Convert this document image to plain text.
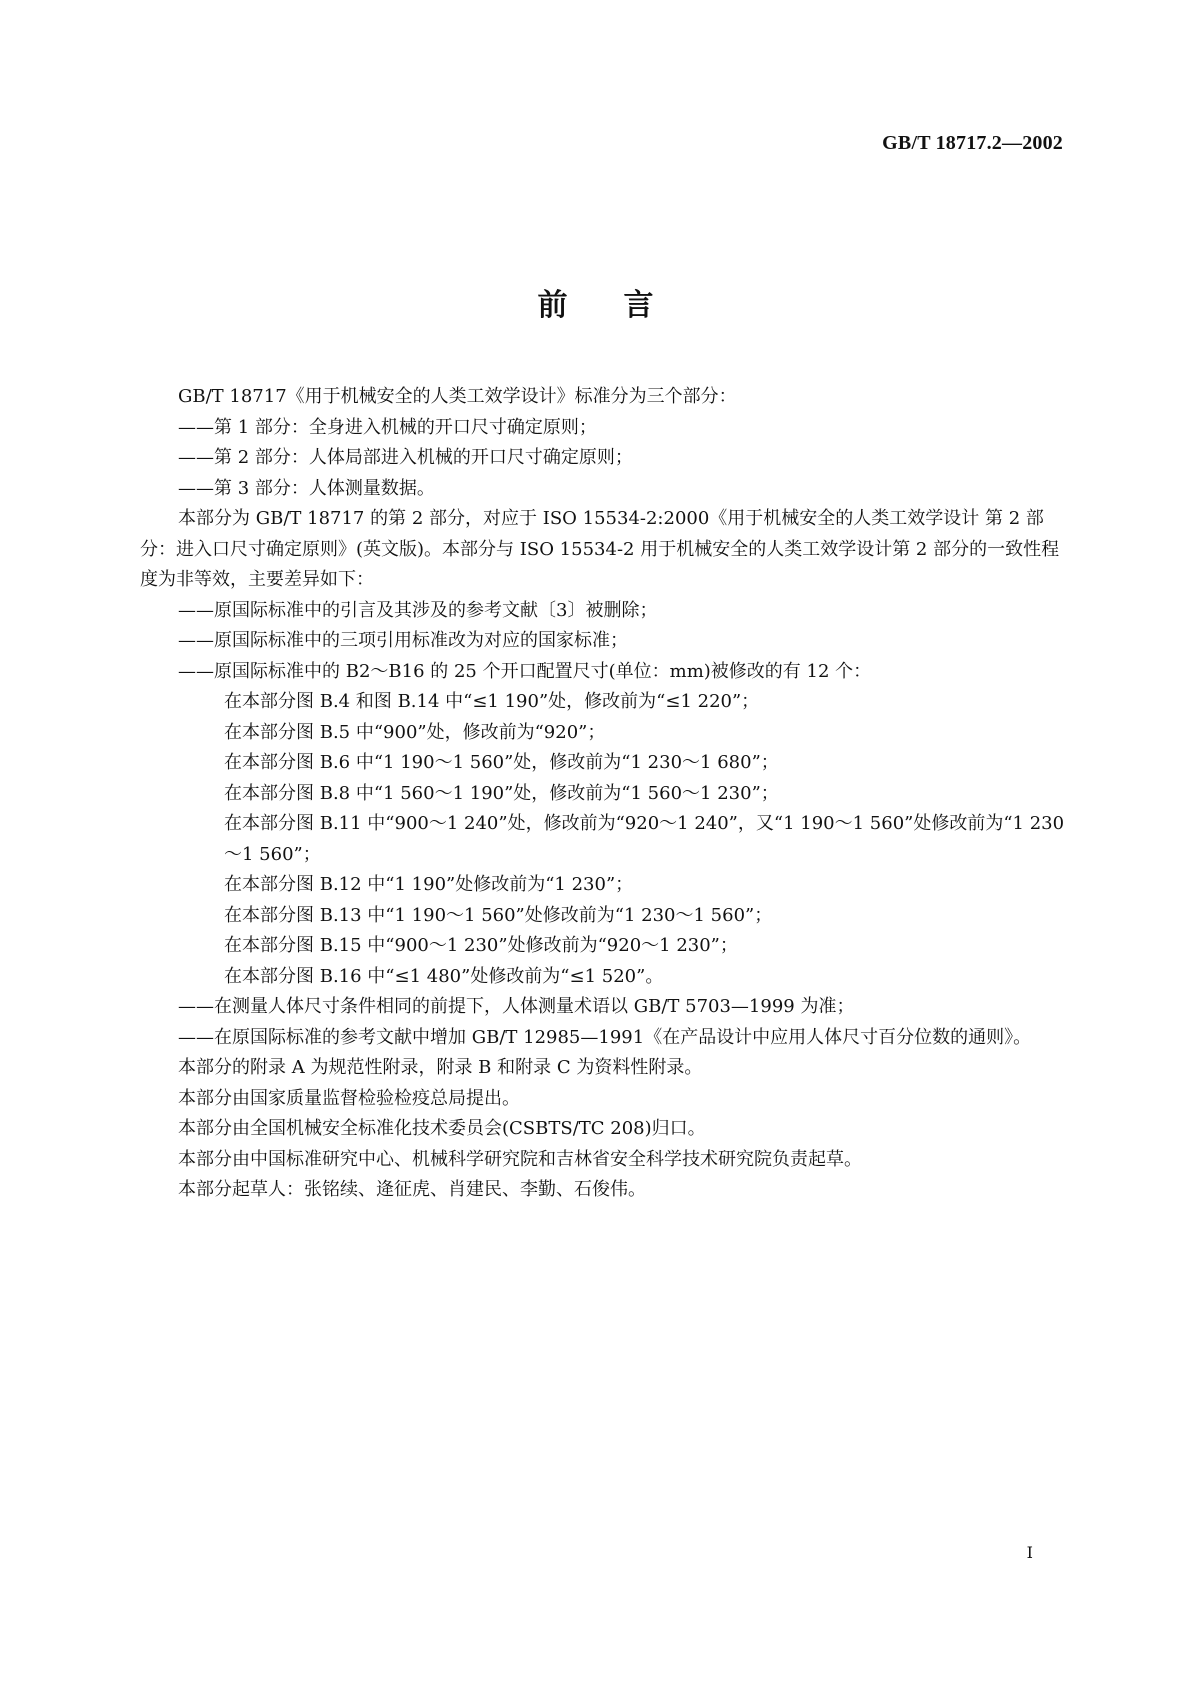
GB/T 18717.2—2002
前言
GB/T 18717《用于机械安全的人类工效学设计》标准分为三个部分：
——第 1 部分：全身进入机械的开口尺寸确定原则；
——第 2 部分：人体局部进入机械的开口尺寸确定原则；
——第 3 部分：人体测量数据。
本部分为 GB/T 18717 的第 2 部分，对应于 ISO 15534-2:2000《用于机械安全的人类工效学设计 第 2 部分：进入口尺寸确定原则》(英文版)。本部分与 ISO 15534-2 用于机械安全的人类工效学设计第 2 部分的一致性程度为非等效，主要差异如下：
——原国际标准中的引言及其涉及的参考文献〔3〕被删除；
——原国际标准中的三项引用标准改为对应的国家标准；
——原国际标准中的 B2～B16 的 25 个开口配置尺寸(单位：mm)被修改的有 12 个：
在本部分图 B.4 和图 B.14 中“≤1 190”处，修改前为“≤1 220”；
在本部分图 B.5 中“900”处，修改前为“920”；
在本部分图 B.6 中“1 190～1 560”处，修改前为“1 230～1 680”；
在本部分图 B.8 中“1 560～1 190”处，修改前为“1 560～1 230”；
在本部分图 B.11 中“900～1 240”处，修改前为“920～1 240”，又“1 190～1 560”处修改前为“1 230～1 560”；
在本部分图 B.12 中“1 190”处修改前为“1 230”；
在本部分图 B.13 中“1 190～1 560”处修改前为“1 230～1 560”；
在本部分图 B.15 中“900～1 230”处修改前为“920～1 230”；
在本部分图 B.16 中“≤1 480”处修改前为“≤1 520”。
——在测量人体尺寸条件相同的前提下，人体测量术语以 GB/T 5703—1999 为准；
——在原国际标准的参考文献中增加 GB/T 12985—1991《在产品设计中应用人体尺寸百分位数的通则》。
本部分的附录 A 为规范性附录，附录 B 和附录 C 为资料性附录。
本部分由国家质量监督检验检疫总局提出。
本部分由全国机械安全标准化技术委员会(CSBTS/TC 208)归口。
本部分由中国标准研究中心、机械科学研究院和吉林省安全科学技术研究院负责起草。
本部分起草人：张铭续、逄征虎、肖建民、李勤、石俊伟。
I
